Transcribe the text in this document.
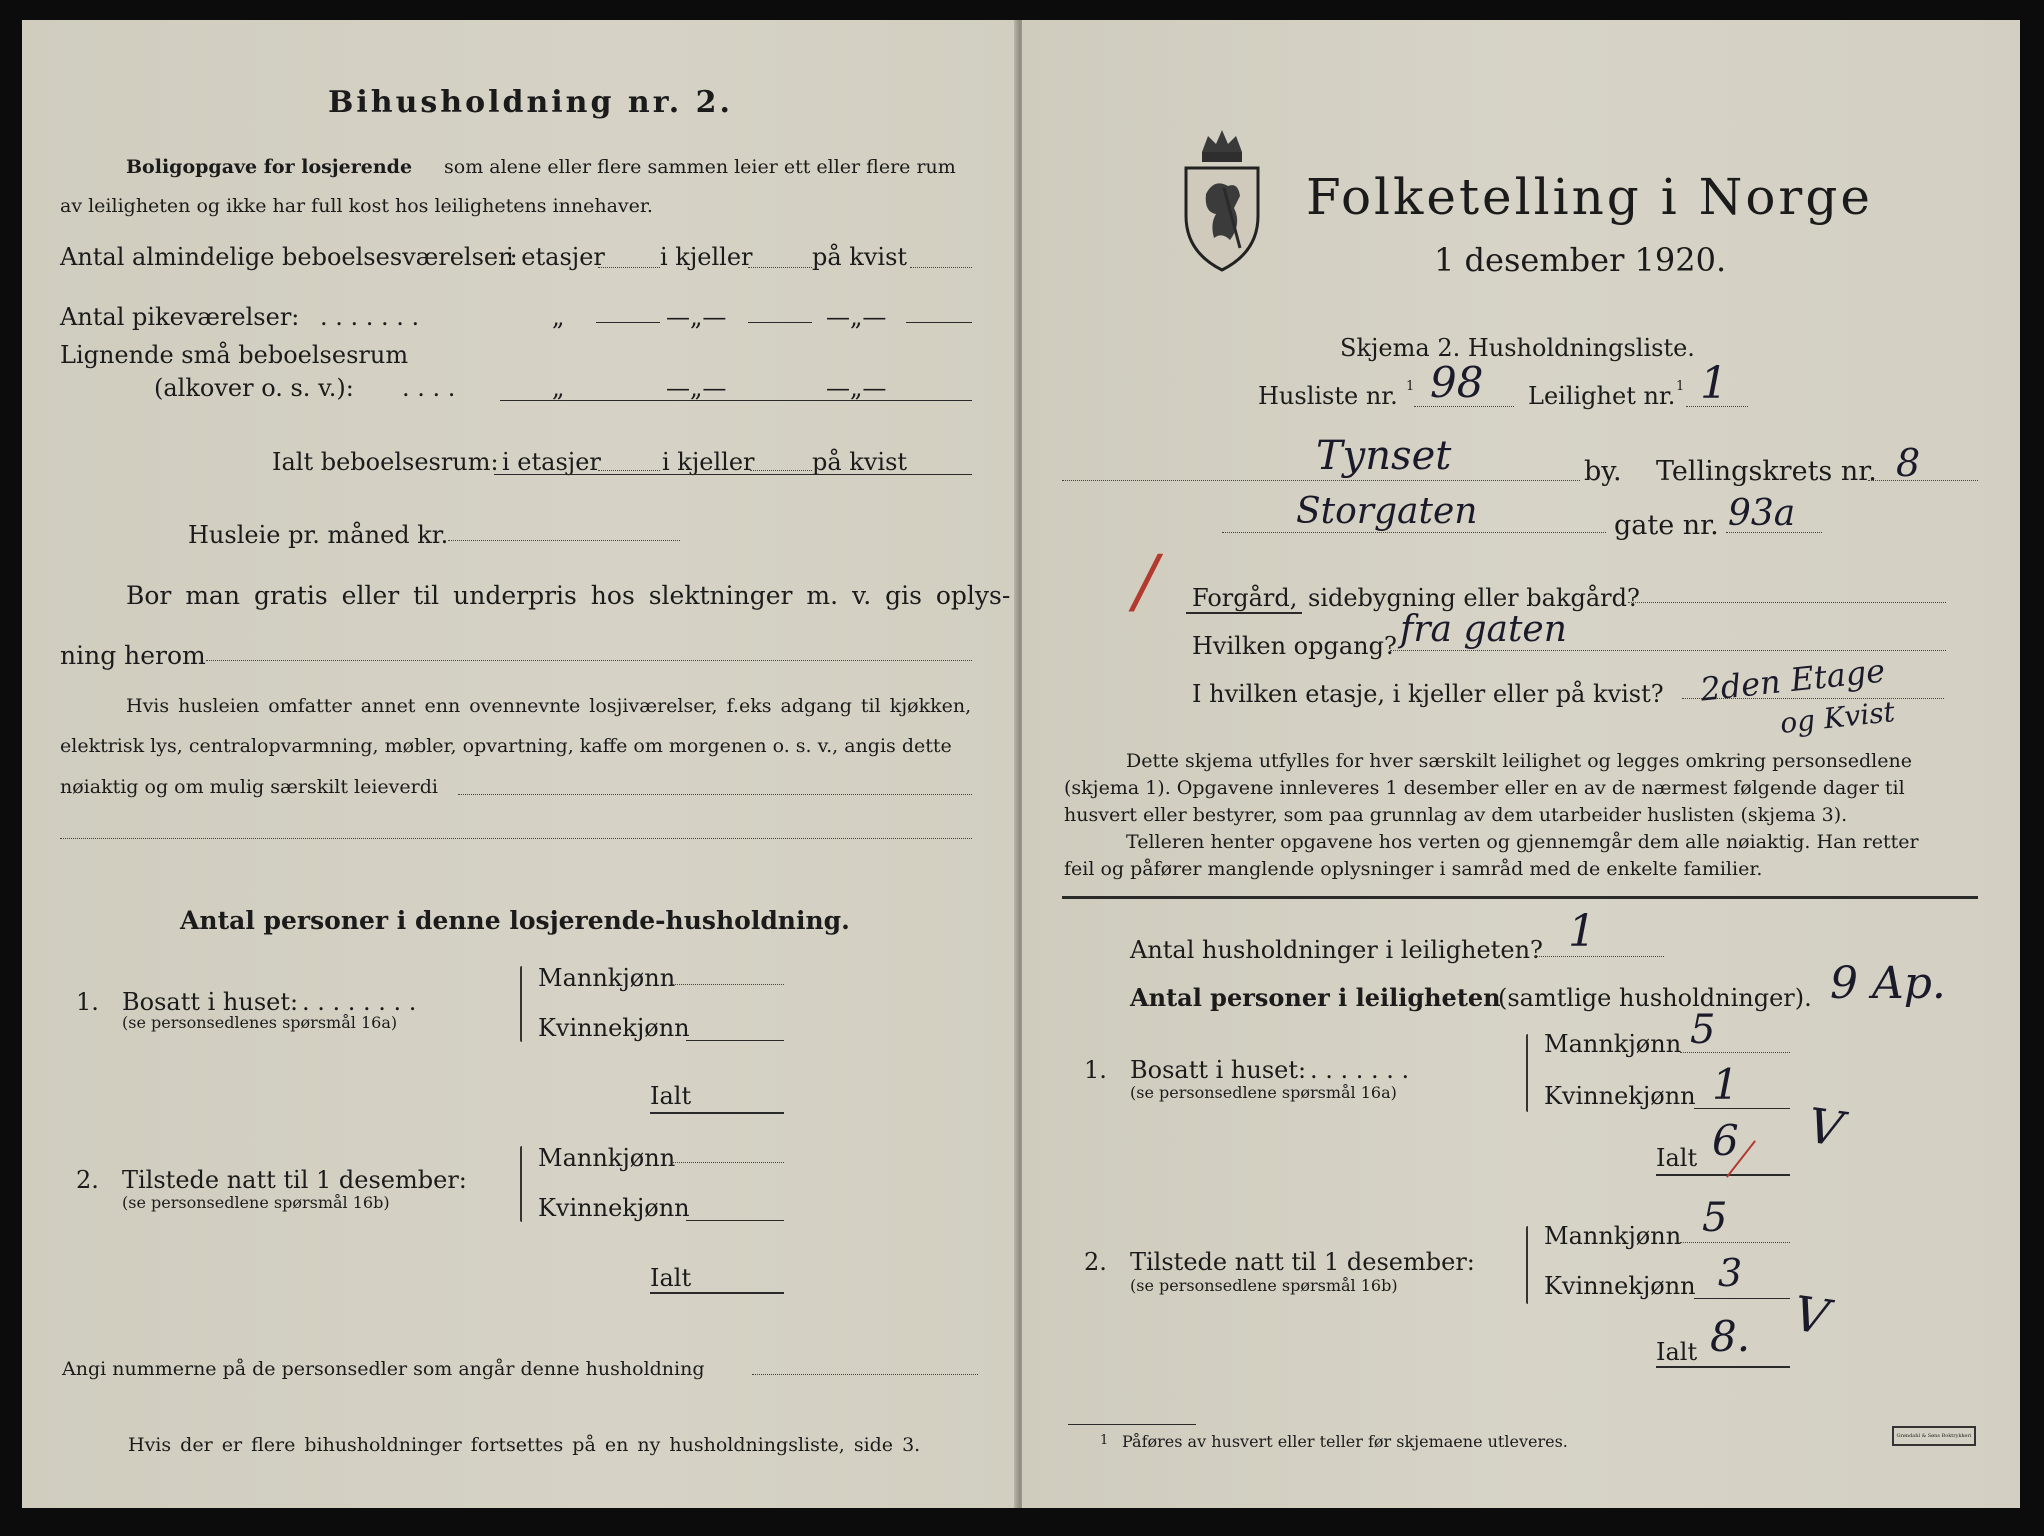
Bihusholdning nr. 2.
Boligopgave for losjerende som alene eller flere sammen leier ett eller flere rum
av leiligheten og ikke har full kost hos leilighetens innehaver.
Antal almindelige beboelsesværelser:
i etasjer i kjeller på kvist
Antal pikeværelser: . . . . . . .	„	—„—	—„—
Lignende små beboelsesrum
(alkover o. s. v.): . . . .	„	—„—	—„—
Ialt beboelsesrum: i etasjer	i kjeller på kvist
Husleie pr. måned kr.
Bor man gratis eller til underpris hos slektninger m. v. gis oplys-
ning herom
Hvis husleien omfatter annet enn ovennevnte losjiværelser, f.eks adgang til kjøkken,
elektrisk lys, centralopvarmning, møbler, opvartning, kaffe om morgenen o. s. v., angis dette
nøiaktig og om mulig særskilt leieverdi
Antal personer i denne losjerende-husholdning.
1. Bosatt i huset: . . . . . . . .
(se personsedlenes spørsmål 16a)
Mannkjønn
Kvinnekjønn
Ialt
2. Tilstede natt til 1 desember:
(se personsedlene spørsmål 16b)
Mannkjønn
Kvinnekjønn
Ialt
Angi nummerne på de personsedler som angår denne husholdning
Hvis der er flere bihusholdninger fortsettes på en ny husholdningsliste, side 3.
Folketelling i Norge
1 desember 1920.
Skjema 2. Husholdningsliste.
Husliste nr. 1 98 Leilighet nr. 1 1
Tynset	by. Tellingskrets nr. 8
Storgaten	gate nr. 93a
/ Forgård, sidebygning eller bakgård?
Hvilken opgang? fra gaten
I hvilken etasje, i kjeller eller på kvist? 2den Etage
og Kvist
Dette skjema utfylles for hver særskilt leilighet og legges omkring personsedlene
(skjema 1). Opgavene innleveres 1 desember eller en av de nærmest følgende dager til
husvert eller bestyrer, som paa grunnlag av dem utarbeider huslisten (skjema 3).
Telleren henter opgavene hos verten og gjennemgår dem alle nøiaktig. Han retter
feil og påfører manglende oplysninger i samråd med de enkelte familier.
Antal husholdninger i leiligheten? 1
Antal personer i leiligheten
(samtlige husholdninger). 9 Ap.
1. Bosatt i huset: . . . . . . .
(se personsedlene spørsmål 16a)
Mannkjønn 5
Kvinnekjønn 1
Ialt 6 V
2. Tilstede natt til 1 desember:
(se personsedlene spørsmål 16b)
Mannkjønn 5
Kvinnekjønn 3
Ialt 8. V
1 Påføres av husvert eller teller før skjemaene utleveres.	Grøndahl & Søns Boktrykkeri
